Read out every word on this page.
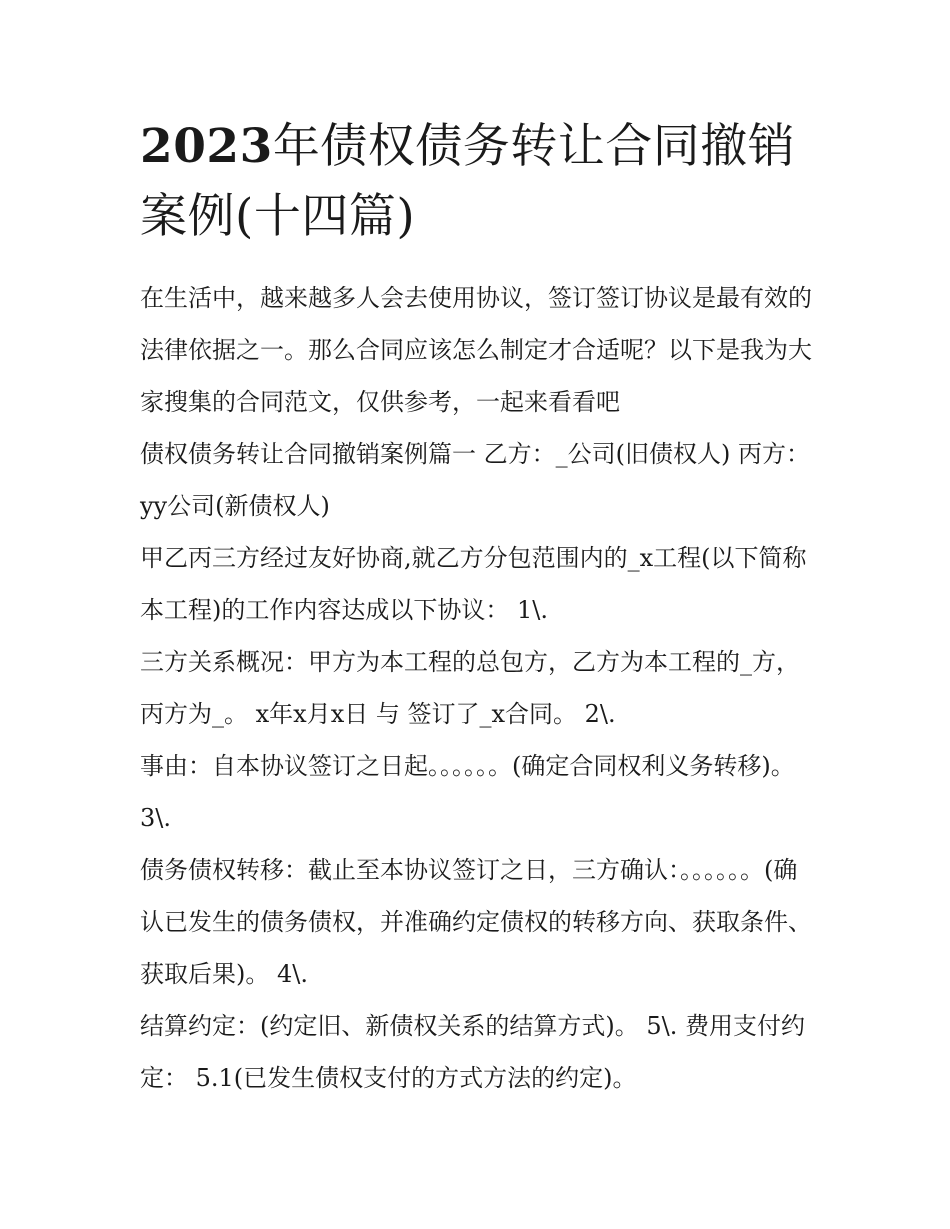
2023年债权债务转让合同撤销案例(十四篇)

在生活中，越来越多人会去使用协议，签订签订协议是最有效的法律依据之一。那么合同应该怎么制定才合适呢？以下是我为大家搜集的合同范文，仅供参考，一起来看看吧

债权债务转让合同撤销案例篇一 乙方：_公司(旧债权人) 丙方：yy公司(新债权人)

甲乙丙三方经过友好协商,就乙方分包范围内的_x工程(以下简称本工程)的工作内容达成以下协议： 1\.

三方关系概况：甲方为本工程的总包方，乙方为本工程的_方，丙方为_。 x年x月x日 与 签订了_x合同。 2\.

事由：自本协议签订之日起。。。。。。(确定合同权利义务转移)。 3\.

债务债权转移：截止至本协议签订之日，三方确认：。。。。。。(确认已发生的债务债权，并准确约定债权的转移方向、获取条件、获取后果)。 4\.

结算约定：(约定旧、新债权关系的结算方式)。 5\. 费用支付约定： 5.1(已发生债权支付的方式方法的约定)。
